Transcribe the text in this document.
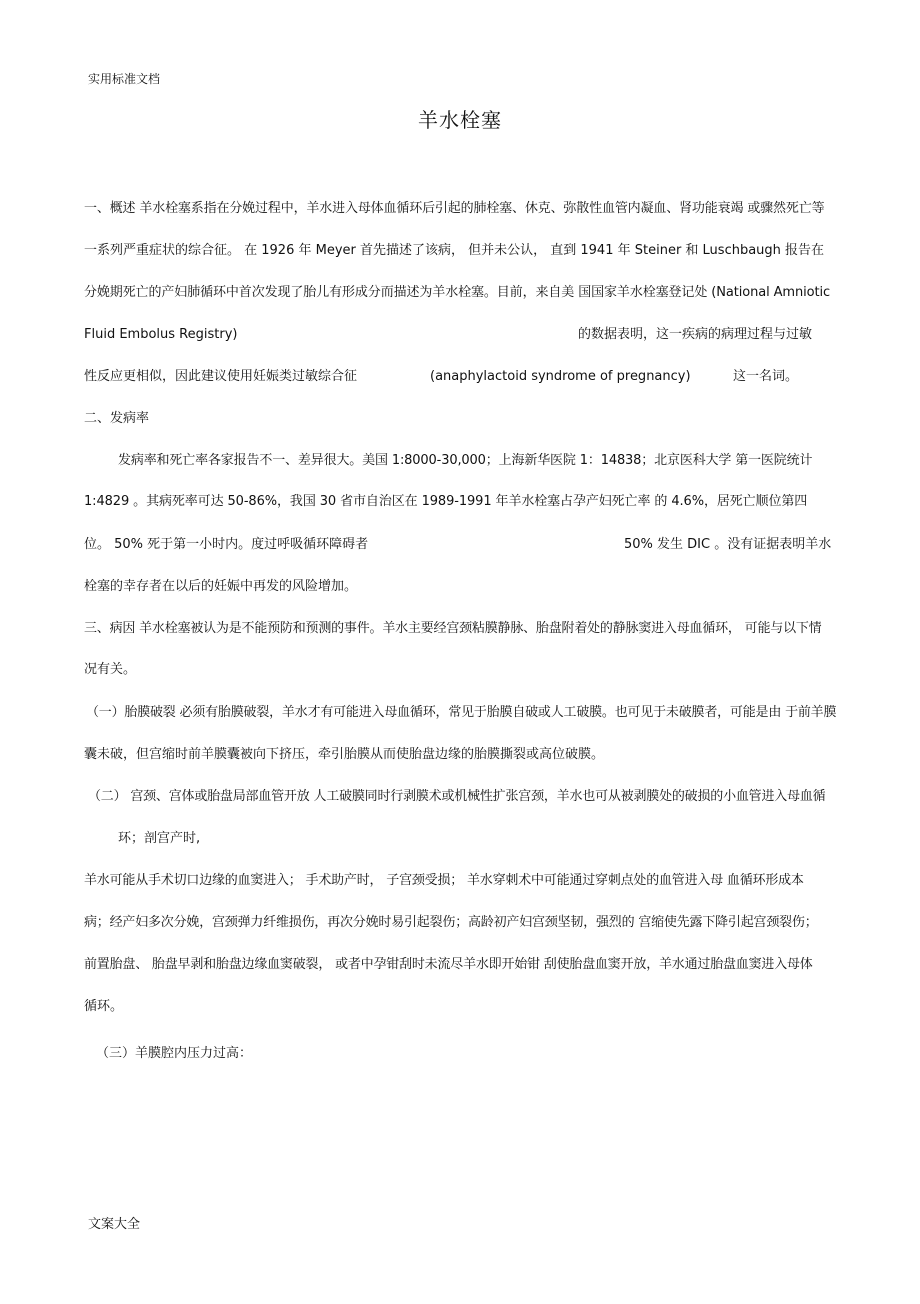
实用标准文档
羊水栓塞
一、概述 羊水栓塞系指在分娩过程中，羊水进入母体血循环后引起的肺栓塞、休克、弥散性血管内凝血、肾功能衰竭 或骤然死亡等
一系列严重症状的综合征。 在 1926 年 Meyer 首先描述了该病， 但并未公认， 直到 1941 年 Steiner 和 Luschbaugh 报告在
分娩期死亡的产妇肺循环中首次发现了胎儿有形成分而描述为羊水栓塞。目前，来自美 国国家羊水栓塞登记处 (National Amniotic
Fluid Embolus Registry)	的数据表明，这一疾病的病理过程与过敏
性反应更相似，因此建议使用妊娠类过敏综合征	(anaphylactoid syndrome of pregnancy)	这一名词。
二、发病率
发病率和死亡率各家报告不一、差异很大。美国 1:8000-30,000；上海新华医院 1：14838；北京医科大学 第一医院统计
1:4829 。其病死率可达 50-86%，我国 30 省市自治区在 1989-1991 年羊水栓塞占孕产妇死亡率 的 4.6%，居死亡顺位第四
位。 50% 死于第一小时内。度过呼吸循环障碍者	50% 发生 DIC 。没有证据表明羊水
栓塞的幸存者在以后的妊娠中再发的风险增加。
三、病因 羊水栓塞被认为是不能预防和预测的事件。羊水主要经宫颈粘膜静脉、胎盘附着处的静脉窦进入母血循环， 可能与以下情
况有关。
（一）胎膜破裂 必须有胎膜破裂，羊水才有可能进入母血循环，常见于胎膜自破或人工破膜。也可见于未破膜者，可能是由 于前羊膜
囊未破，但宫缩时前羊膜囊被向下挤压，牵引胎膜从而使胎盘边缘的胎膜撕裂或高位破膜。
（二） 宫颈、宫体或胎盘局部血管开放 人工破膜同时行剥膜术或机械性扩张宫颈，羊水也可从被剥膜处的破损的小血管进入母血循
环；剖宫产时,
羊水可能从手术切口边缘的血窦进入； 手术助产时， 子宫颈受损； 羊水穿刺术中可能通过穿刺点处的血管进入母 血循环形成本
病；经产妇多次分娩，宫颈弹力纤维损伤，再次分娩时易引起裂伤；高龄初产妇宫颈坚韧，强烈的 宫缩使先露下降引起宫颈裂伤；
前置胎盘、 胎盘早剥和胎盘边缘血窦破裂， 或者中孕钳刮时未流尽羊水即开始钳 刮使胎盘血窦开放，羊水通过胎盘血窦进入母体
循环。
（三）羊膜腔内压力过高：
文案大全
